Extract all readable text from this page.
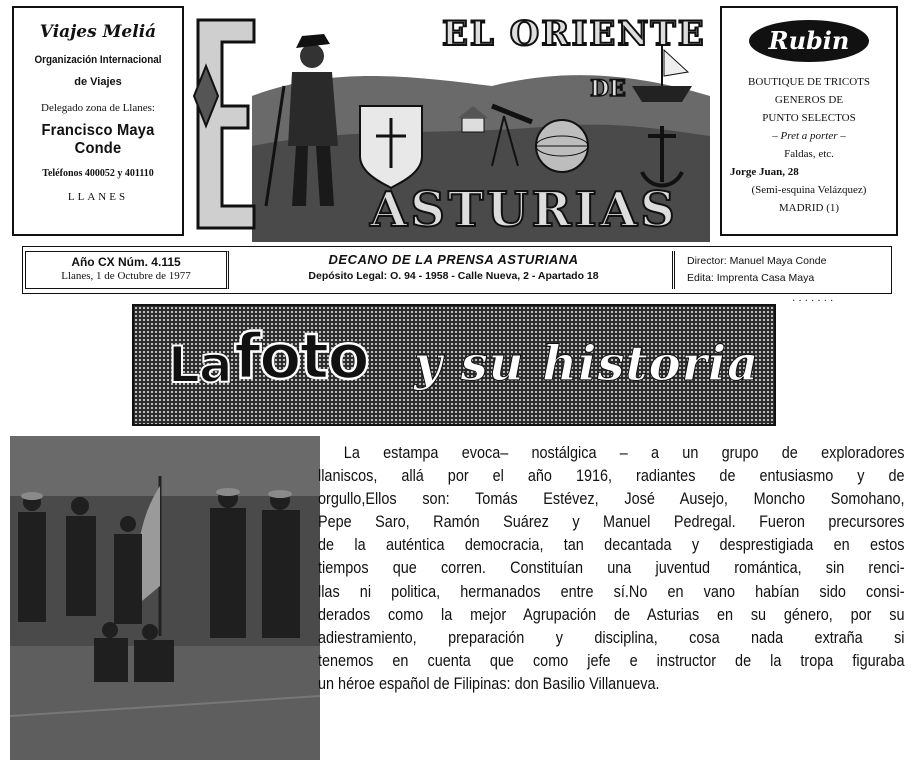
Viajes Meliá
Organización Internacional
de Viajes
Delegado zona de Llanes:
Francisco Maya Conde
Teléfonos 400052 y 401110
LLANES
EL ORIENTE
DE
ASTURIAS
Rubin
BOUTIQUE DE TRICOTS
GENEROS DE
PUNTO SELECTOS
– Pret a porter –
Faldas, etc.
Jorge Juan, 28
(Semi-esquina Velázquez)
MADRID (1)
Año CX Núm. 4.115
Llanes, 1 de Octubre de 1977
DECANO DE LA PRENSA ASTURIANA
Depósito Legal: O. 94 - 1958 - Calle Nueva, 2 - Apartado 18
Director: Manuel Maya Conde
Edita: Imprenta Casa Maya
·······
La foto y su historia
La estampa evoca– nostálgica – a un grupo de exploradores
llaniscos, allá por el año 1916, radiantes de entusiasmo y de
orgullo,Ellos son: Tomás Estévez, José Ausejo, Moncho Somohano,
Pepe Saro, Ramón Suárez y Manuel Pedregal. Fueron precursores
de la auténtica democracia, tan decantada y desprestigiada en estos
tiempos que corren. Constituían una juventud romántica, sin renci-
llas ni politica, hermanados entre sí.No en vano habían sido consi-
derados como la mejor Agrupación de Asturias en su género, por su
adiestramiento, preparación y disciplina, cosa nada extraña si
tenemos en cuenta que como jefe e instructor de la tropa figuraba
un héroe español de Filipinas: don Basilio Villanueva.
